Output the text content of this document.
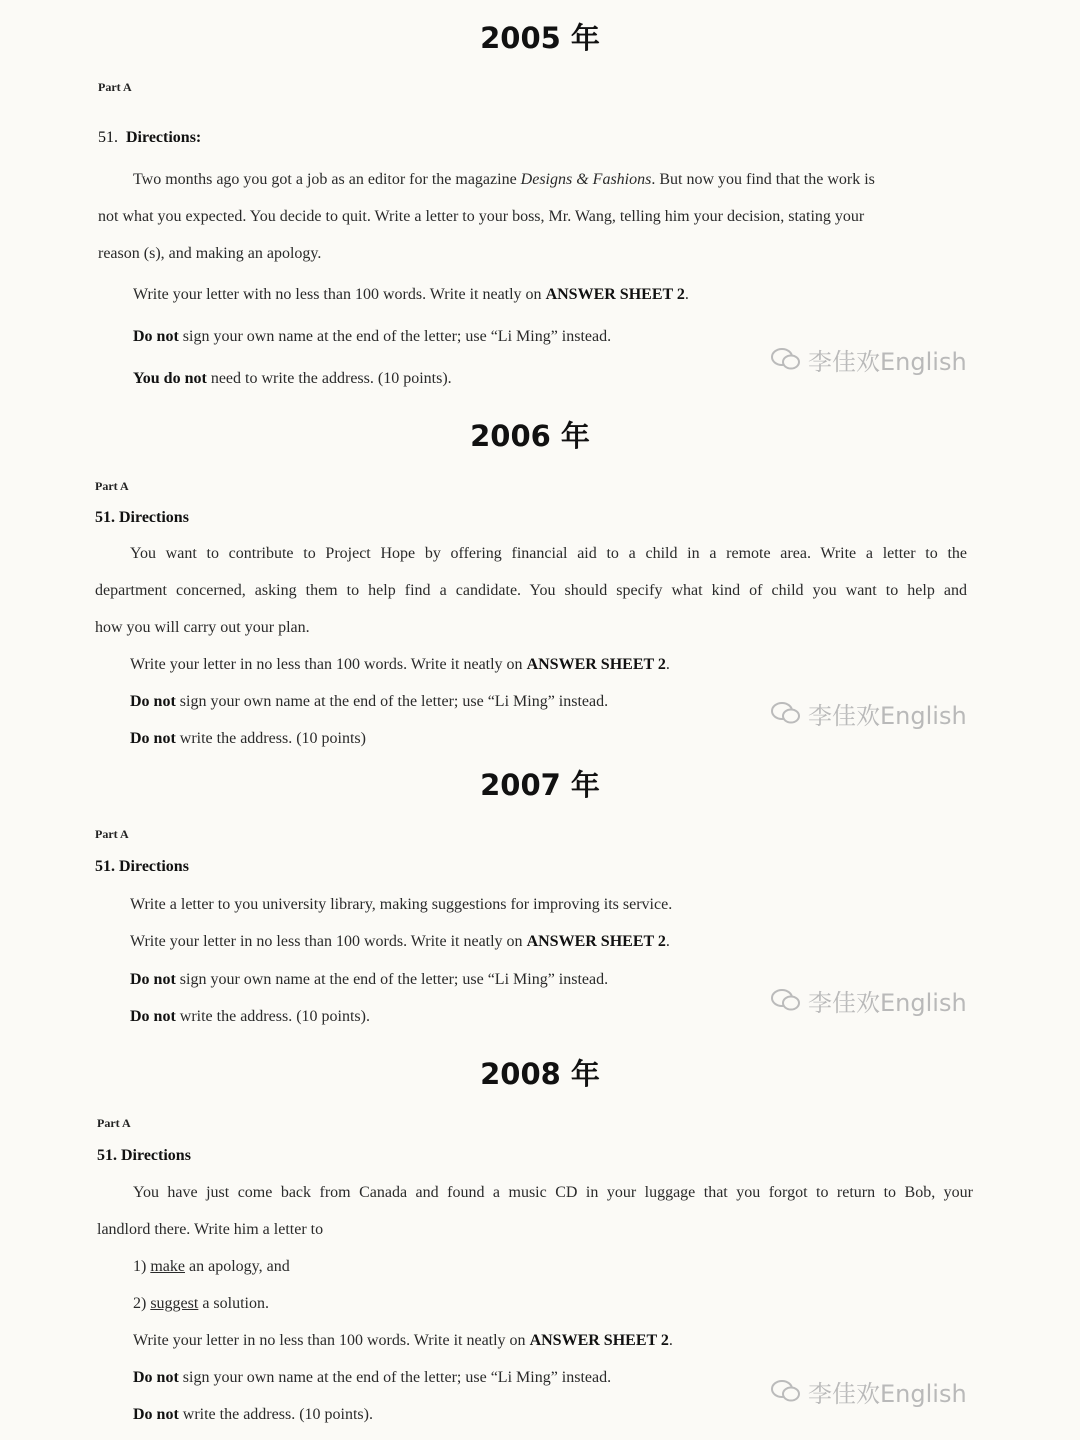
2005 年
Part A
51. Directions:
Two months ago you got a job as an editor for the magazine Designs & Fashions. But now you find that the work is
not what you expected. You decide to quit. Write a letter to your boss, Mr. Wang, telling him your decision, stating your
reason (s), and making an apology.
Write your letter with no less than 100 words. Write it neatly on ANSWER SHEET 2.
Do not sign your own name at the end of the letter; use “Li Ming” instead.
You do not need to write the address. (10 points).
李佳欢English
2006 年
Part A
51. Directions
You want to contribute to Project Hope by offering financial aid to a child in a remote area. Write a letter to the
department concerned, asking them to help find a candidate. You should specify what kind of child you want to help and
how you will carry out your plan.
Write your letter in no less than 100 words. Write it neatly on ANSWER SHEET 2.
Do not sign your own name at the end of the letter; use “Li Ming” instead.
Do not write the address. (10 points)
李佳欢English
2007 年
Part A
51. Directions
Write a letter to you university library, making suggestions for improving its service.
Write your letter in no less than 100 words. Write it neatly on ANSWER SHEET 2.
Do not sign your own name at the end of the letter; use “Li Ming” instead.
Do not write the address. (10 points).	李佳欢English
2008 年
Part A
51. Directions
You have just come back from Canada and found a music CD in your luggage that you forgot to return to Bob, your
landlord there. Write him a letter to
1) make an apology, and
2) suggest a solution.
Write your letter in no less than 100 words. Write it neatly on ANSWER SHEET 2.
Do not sign your own name at the end of the letter; use “Li Ming” instead.
Do not write the address. (10 points).
李佳欢English
